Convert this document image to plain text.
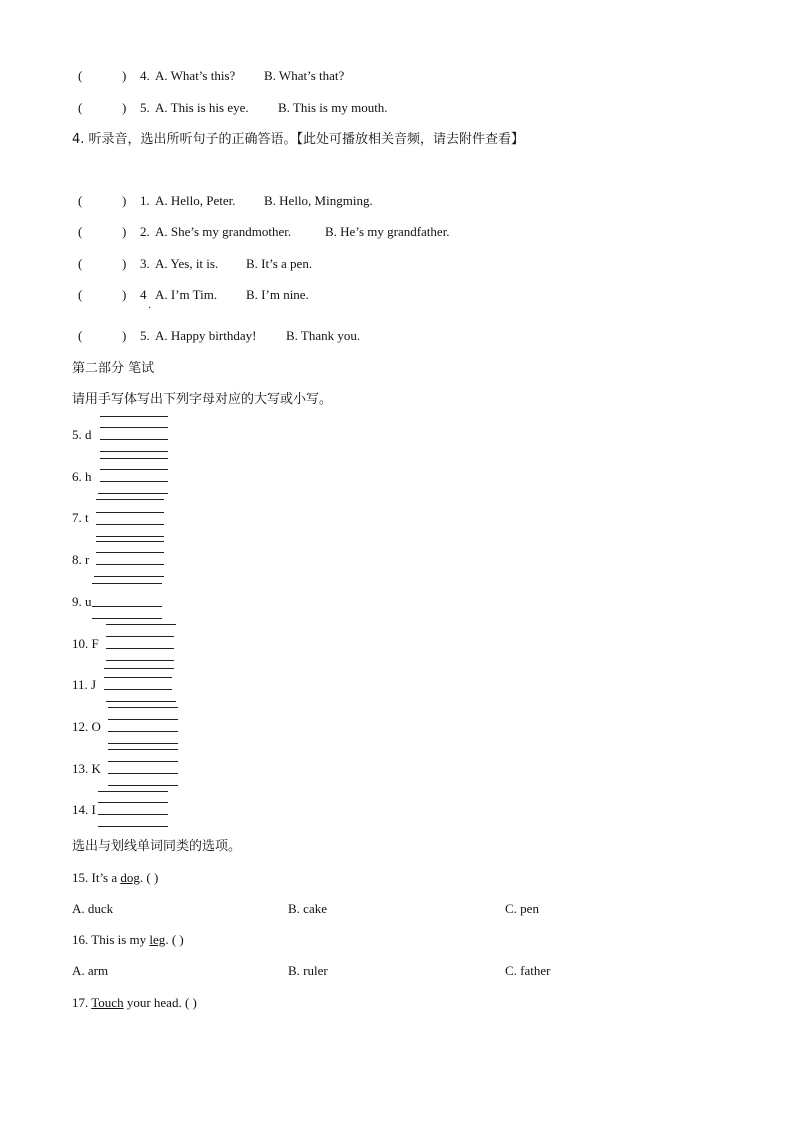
(	) 4. A. What’s this? B. What’s that?
(	) 5. A. This is his eye. B. This is my mouth.
4. 听录音，选出所听句子的正确答语。【此处可播放相关音频，请去附件查看】
(	) 1. A. Hello, Peter. B. Hello, Mingming.
(	) 2. A. She’s my grandmother.	B. He’s my grandfather.
(	) 3. A. Yes, it is. B. It’s a pen.
(	) 4 A. I’m Tim. B. I’m nine.
·
(	) 5. A. Happy birthday! B. Thank you.
第二部分 笔试
请用手写体写出下列字母对应的大写或小写。
5. d
6. h
7. t
8. r
9. u
10. F
11. J
12. O
13. K
14. I
选出与划线单词同类的选项。
15. It’s a dog. ( )
A. duck	B. cake	C. pen
16. This is my leg. ( )
A. arm	B. ruler	C. father
17. Touch your head. ( )
